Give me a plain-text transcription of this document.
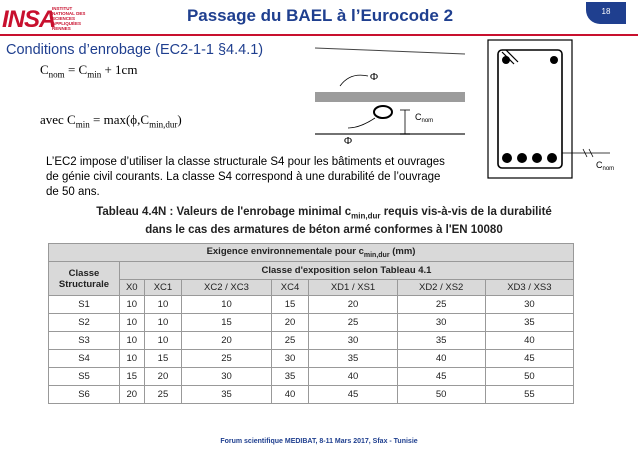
INSA
INSTITUT NATIONAL DES SCIENCES APPLIQUÉES RENNES
Passage du BAEL à l’Eurocode 2	18
Conditions d’enrobage (EC2-1-1 §4.4.1)
$C_{nom} = C_{min} + 1cm$
avec $C_{min} = \max(\phi,C_{min,dur})$
Φ
Φ
$C_{nom}$
$C_{nom}$
L’EC2 impose d’utiliser la classe structurale S4 pour les bâtiments et ouvrages de génie civil courants. La classe S4 correspond à une durabilité de l’ouvrage de 50 ans.
Tableau 4.4N : Valeurs de l'enrobage minimal $c_{min,dur}$ requis vis-à-vis de la durabilité
dans le cas des armatures de béton armé conformes à l'EN 10080
Exigence environnementale pour $c_{min,dur}$ (mm)							
Classe Structurale	Classe d'exposition selon Tableau 4.1						
	X0	XC1	XC2 / XC3	XC4	XD1 / XS1	XD2 / XS2	XD3 / XS3
S1	10	10	10	15	20	25	30
S2	10	10	15	20	25	30	35
S3	10	10	20	25	30	35	40
S4	10	15	25	30	35	40	45
S5	15	20	30	35	40	45	50
S6	20	25	35	40	45	50	55
Forum scientifique MEDIBAT, 8-11 Mars 2017, Sfax - Tunisie
